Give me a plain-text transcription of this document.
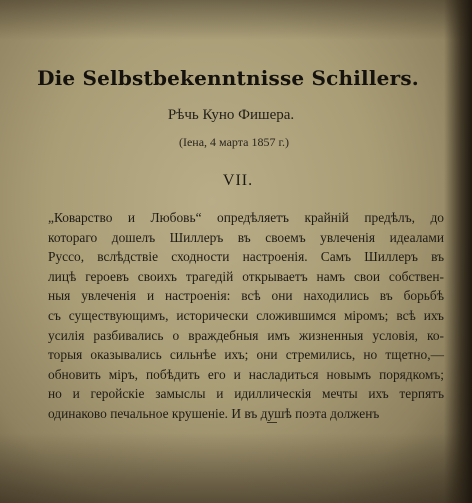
Die Selbstbekenntnisse Schillers.
Рѣчь Куно Фишера.
(Iена, 4 марта 1857 г.)
VII.
„Коварство и Любовь“ опредѣляетъ крайній предѣлъ, до
котораго дошелъ Шиллеръ въ своемъ увлеченія идеалами
Руссо, вслѣдствіе сходности настроенія. Самъ Шиллеръ въ
лицѣ героевъ своихъ трагедій открываетъ намъ свои собствен-
ныя увлеченія и настроенія: всѣ они находились въ борьбѣ
съ существующимъ, исторически сложившимся міромъ; всѣ ихъ
усилія разбивались о враждебныя имъ жизненныя условія, ко-
торыя оказывались сильнѣе ихъ; они стремились, но тщетно,—
обновить міръ, побѣдить его и насладиться новымъ порядкомъ;
но и геройскіе замыслы и идиллическія мечты ихъ терпятъ
одинаково печальное крушеніе. И въ душѣ поэта долженъ
